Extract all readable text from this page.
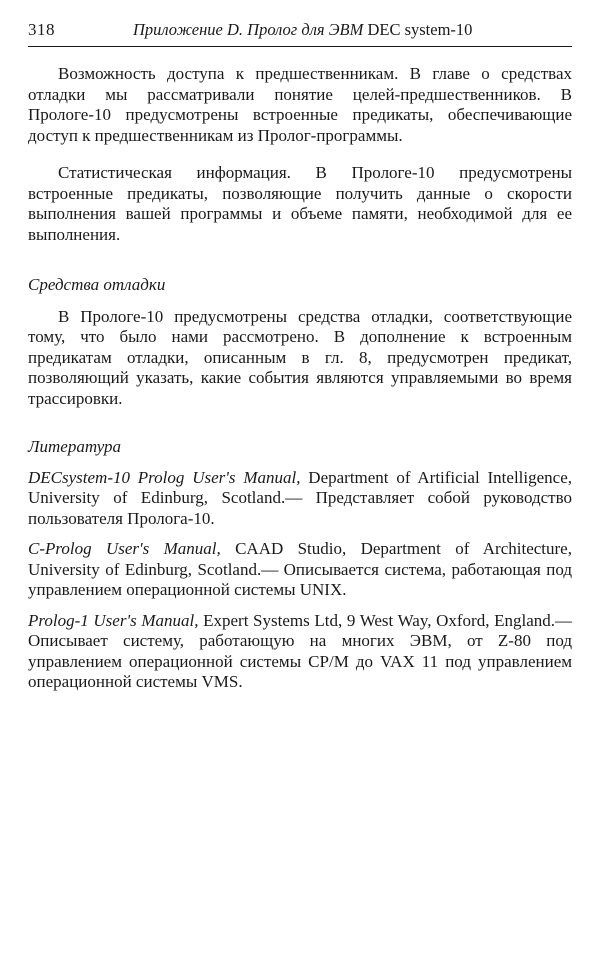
318	Приложение D. Пролог для ЭВМ DEC system-10

Возможность доступа к предшественникам. В главе о средствах отладки мы рассматривали понятие целей-предшественников. В Прологе-10 предусмотрены встроенные предикаты, обеспечивающие доступ к предшественникам из Пролог-программы.

Статистическая информация. В Прологе-10 предусмотрены встроенные предикаты, позволяющие получить данные о скорости выполнения вашей программы и объеме памяти, необходимой для ее выполнения.

Средства отладки

В Прологе-10 предусмотрены средства отладки, соответствующие тому, что было нами рассмотрено. В дополнение к встроенным предикатам отладки, описанным в гл. 8, предусмотрен предикат, позволяющий указать, какие события являются управляемыми во время трассировки.

Литература

DECsystem-10 Prolog User's Manual, Department of Artificial Intelligence, University of Edinburg, Scotland.— Представляет собой руководство пользователя Пролога-10.

C-Prolog User's Manual, CAAD Studio, Department of Architecture, University of Edinburg, Scotland.— Описывается система, работающая под управлением операционной системы UNIX.

Prolog-1 User's Manual, Expert Systems Ltd, 9 West Way, Oxford, England.— Описывает систему, работающую на многих ЭВМ, от Z-80 под управлением операционной системы CP/M до VAX 11 под управлением операционной системы VMS.
